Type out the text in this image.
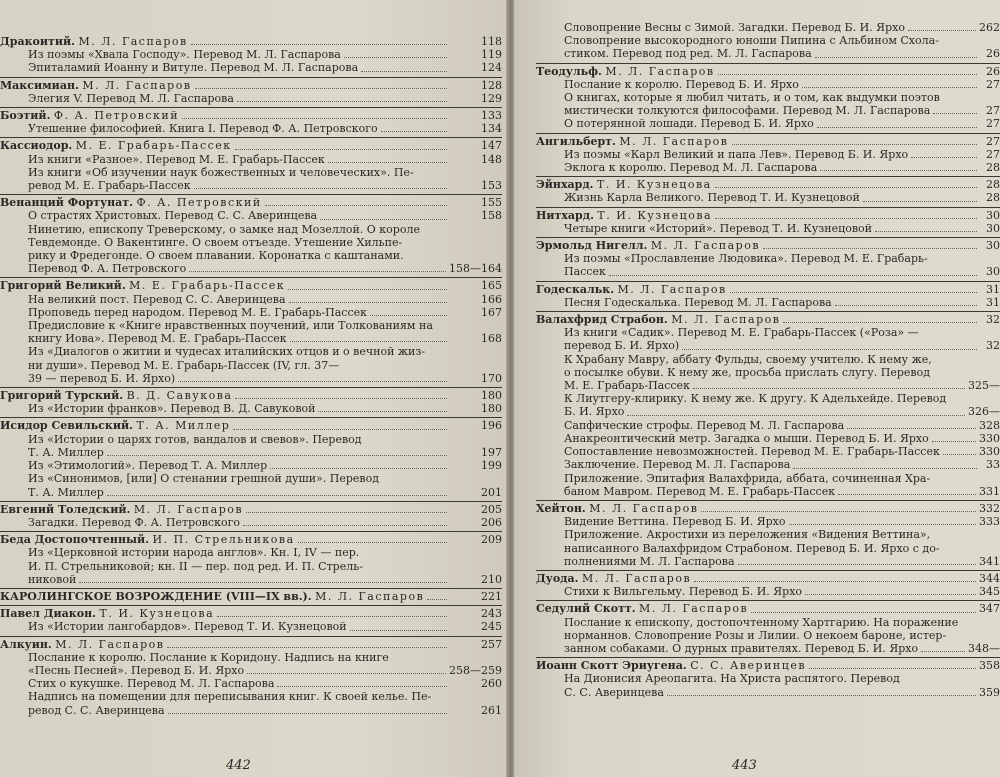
Дракоитий. М. Л. Гаспаров	118
Из поэмы «Хвала Господу». Перевод М. Л. Гаспарова	119
Эпиталамий Иоанну и Витуле. Перевод М. Л. Гаспарова	124
Максимиан. М. Л. Гаспаров	128
Элегия V. Перевод М. Л. Гаспарова	129
Боэтий. Ф. А. Петровский	133
Утешение философией. Книга I. Перевод Ф. А. Петровского	134
Кассиодор. М. Е. Грабарь-Пассек	147
Из книги «Разное». Перевод М. Е. Грабарь-Пассек	148
Из книги «Об изучении наук божественных и человеческих». Пе-
ревод М. Е. Грабарь-Пассек	153
Венанций Фортунат. Ф. А. Петровский	155
О страстях Христовых. Перевод С. С. Аверинцева	158
Нинетию, епископу Треверскому, о замке над Мозеллой. О короле
Тевдемонде. О Вакентинге. О своем отъезде. Утешение Хильпе-
рику и Фредегонде. О своем плавании. Коронатка с каштанами.
Перевод Ф. А. Петровского	158—164
Григорий Великий. М. Е. Грабарь-Пассек	165
На великий пост. Перевод С. С. Аверинцева	166
Проповедь перед народом. Перевод М. Е. Грабарь-Пассек	167
Предисловие к «Книге нравственных поучений, или Толкованиям на
книгу Иова». Перевод М. Е. Грабарь-Пассек	168
Из «Диалогов о житии и чудесах италийских отцов и о вечной жиз-
ни души». Перевод М. Е. Грабарь-Пассек (IV, гл. 37—
39 — перевод Б. И. Ярхо)	170
Григорий Турский. В. Д. Савукова	180
Из «Истории франков». Перевод В. Д. Савуковой	180
Исидор Севильский. Т. А. Миллер	196
Из «Истории о царях готов, вандалов и свевов». Перевод
Т. А. Миллер	197
Из «Этимологий». Перевод Т. А. Миллер	199
Из «Синонимов, [или] О стенании грешной души». Перевод
Т. А. Миллер	201
Евгений Толедский. М. Л. Гаспаров	205
Загадки. Перевод Ф. А. Петровского	206
Беда Достопочтенный. И. П. Стрельникова	209
Из «Церковной истории народа англов». Кн. I, IV — пер.
И. П. Стрельниковой; кн. II — пер. под ред. И. П. Стрель-
никовой	210
КАРОЛИНГСКОЕ ВОЗРОЖДЕНИЕ (VIII—IX вв.). М. Л. Гаспаров	221
Павел Диакон. Т. И. Кузнецова	243
Из «Истории лангобардов». Перевод Т. И. Кузнецовой	245
Алкуин. М. Л. Гаспаров	257
Послание к королю. Послание к Коридону. Надпись на книге
«Песнь Песней». Перевод Б. И. Ярхо	258—259
Стих о кукушке. Перевод М. Л. Гаспарова	260
Надпись на помещении для переписывания книг. К своей келье. Пе-
ревод С. С. Аверинцева	261
442
Словопрение Весны с Зимой. Загадки. Перевод Б. И. Ярхо	262
Словопрение высокородного юноши Пипина с Альбином Схола-
стиком. Перевод под ред. М. Л. Гаспарова	26
Теодульф. М. Л. Гаспаров	26
Послание к королю. Перевод Б. И. Ярхо	27
О книгах, которые я любил читать, и о том, как выдумки поэтов
мистически толкуются философами. Перевод М. Л. Гаспарова	27
О потерянной лошади. Перевод Б. И. Ярхо	27
Ангильберт. М. Л. Гаспаров	27
Из поэмы «Карл Великий и папа Лев». Перевод Б. И. Ярхо	27
Эклога к королю. Перевод М. Л. Гаспарова	28
Эйнхард. Т. И. Кузнецова	28
Жизнь Карла Великого. Перевод Т. И. Кузнецовой	28
Нитхард. Т. И. Кузнецова	30
Четыре книги «Историй». Перевод Т. И. Кузнецовой	30
Эрмольд Нигелл. М. Л. Гаспаров	30
Из поэмы «Прославление Людовика». Перевод М. Е. Грабарь-
Пассек	30
Годескальк. М. Л. Гаспаров	31
Песня Годескалька. Перевод М. Л. Гаспарова	31
Валахфрид Страбон. М. Л. Гаспаров	32
Из книги «Садик». Перевод М. Е. Грабарь-Пассек («Роза» —
перевод Б. И. Ярхо)	32
К Храбану Мавру, аббату Фульды, своему учителю. К нему же,
о посылке обуви. К нему же, просьба прислать слугу. Перевод
М. Е. Грабарь-Пассек	325—
К Лиутгеру-клирику. К нему же. К другу. К Адельхейде. Перевод
Б. И. Ярхо	326—
Сапфические строфы. Перевод М. Л. Гаспарова	328
Анакреонтический метр. Загадка о мыши. Перевод Б. И. Ярхо	330
Сопоставление невозможностей. Перевод М. Е. Грабарь-Пассек	330
Заключение. Перевод М. Л. Гаспарова	33
Приложение. Эпитафия Валахфрида, аббата, сочиненная Хра-
баном Мавром. Перевод М. Е. Грабарь-Пассек	331
Хейтон. М. Л. Гаспаров	332
Видение Веттина. Перевод Б. И. Ярхо	333
Приложение. Акростихи из переложения «Видения Веттина»,
написанного Валахфридом Страбоном. Перевод Б. И. Ярхо с до-
полнениями М. Л. Гаспарова	341
Дуода. М. Л. Гаспаров	344
Стихи к Вильгельму. Перевод Б. И. Ярхо	345
Седулий Скотт. М. Л. Гаспаров	347
Послание к епископу, достопочтенному Хартгарию. На поражение
норманнов. Словопрение Розы и Лилии. О некоем бароне, истер-
занном собаками. О дурных правителях. Перевод Б. И. Ярхо	348—
Иоанн Скотт Эриугена. С. С. Аверинцев	358
На Дионисия Ареопагита. На Христа распятого. Перевод
С. С. Аверинцева	359
443
